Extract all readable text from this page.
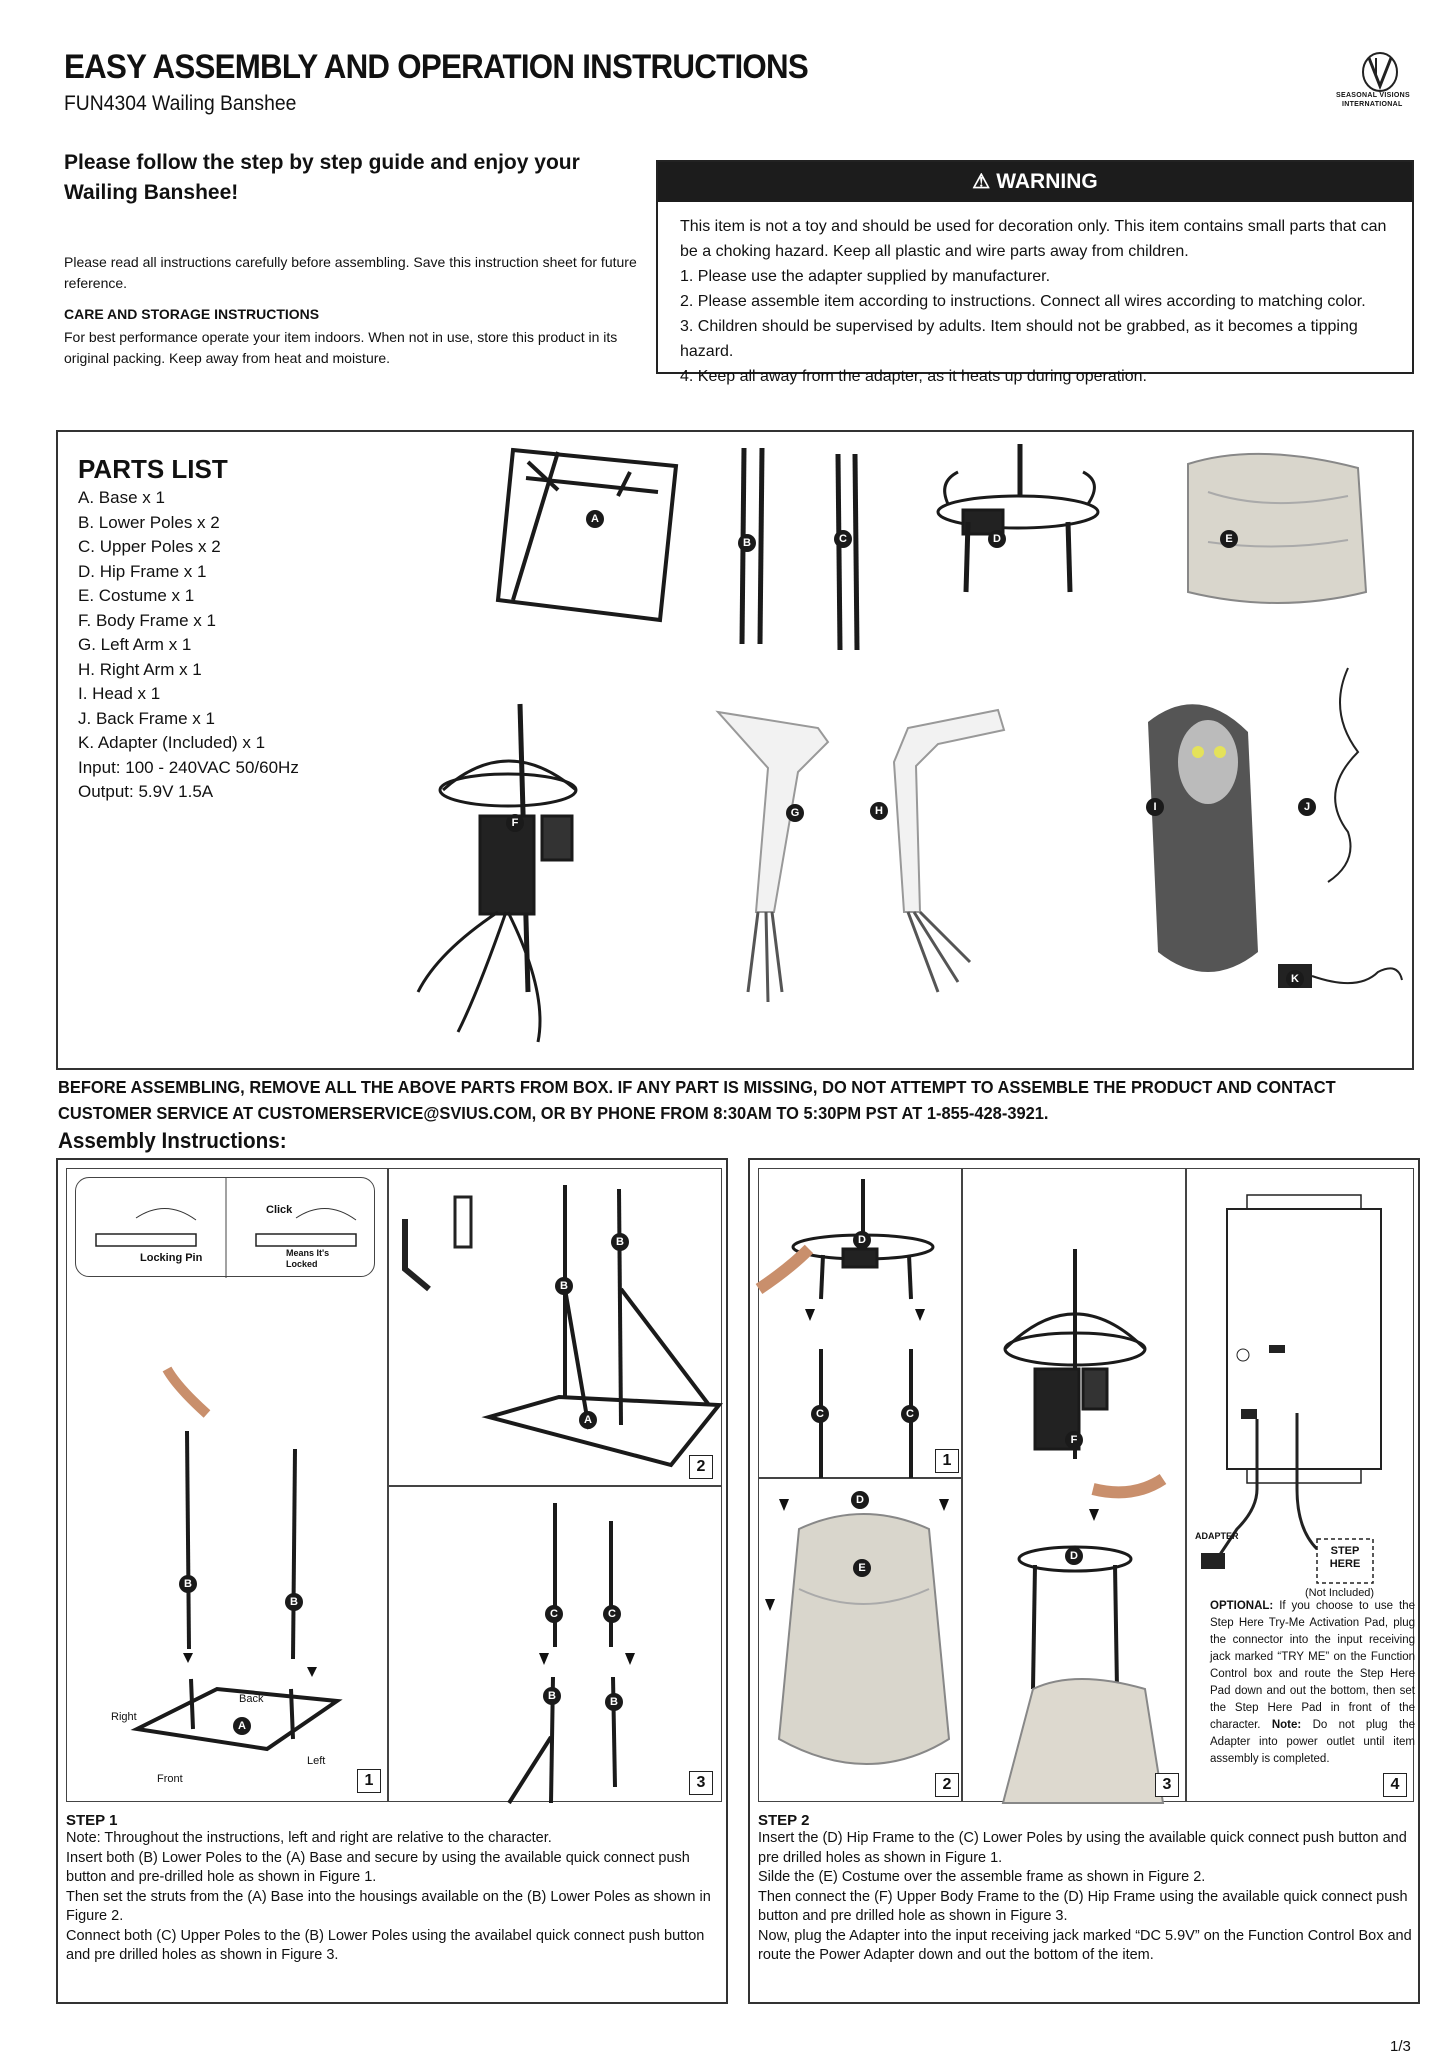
EASY ASSEMBLY AND OPERATION INSTRUCTIONS
FUN4304 Wailing Banshee	SEASONAL VISIONS
INTERNATIONAL
Please follow the step by step guide and enjoy your Wailing Banshee!
Please read all instructions carefully before assembling. Save this instruction sheet for future reference.
CARE AND STORAGE INSTRUCTIONS
For best performance operate your item indoors. When not in use, store this product in its original packing. Keep away from heat and moisture.
⚠ WARNING
This item is not a toy and should be used for decoration only. This item contains small parts that can
be a choking hazard. Keep all plastic and wire parts away from children.
1. Please use the adapter supplied by manufacturer.
2. Please assemble item according to instructions. Connect all wires according to matching color.
3. Children should be supervised by adults. Item should not be grabbed, as it becomes a tipping hazard.
4. Keep all away from the adapter, as it heats up during operation.
PARTS LIST
A. Base x 1
B. Lower Poles x 2
C. Upper Poles x 2
D. Hip Frame x 1
E. Costume x 1
F. Body Frame x 1
G. Left Arm x 1
H. Right Arm x 1
I. Head x 1
J. Back Frame x 1
K. Adapter (Included) x 1
Input: 100 - 240VAC 50/60Hz
Output: 5.9V 1.5A
A
B	C	D	E
F
G	H	I	J
K
BEFORE ASSEMBLING, REMOVE ALL THE ABOVE PARTS FROM BOX. IF ANY PART IS MISSING, DO NOT ATTEMPT TO ASSEMBLE THE PRODUCT AND CONTACT
CUSTOMER SERVICE AT CUSTOMERSERVICE@SVIUS.COM, OR BY PHONE FROM 8:30AM TO 5:30PM PST AT 1-855-428-3921.
Assembly Instructions:
Click
Locking Pin	Means It's Locked
B
B
A
Back
Right
Left
Front	1
B
B
A
2
C	C
B	B
3
STEP 1
Note: Throughout the instructions, left and right are relative to the character.
Insert both (B) Lower Poles to the (A) Base and secure by using the available quick connect push button and pre-drilled hole as shown in Figure 1.
Then set the struts from the (A) Base into the housings available on the (B) Lower Poles as shown in Figure 2.
Connect both (C) Upper Poles to the (B) Lower Poles using the availabel quick connect push button and pre drilled holes as shown in Figure 3.
D
C	C
1
D
E
2
F
D
3
ADAPTER
STEP HERE
(Not Included)
4
STEP 2
Insert the (D) Hip Frame to the (C) Lower Poles by using the available quick connect push button and pre drilled holes as shown in Figure 1.
Silde the (E) Costume over the assemble frame as shown in Figure 2.
Then connect the (F) Upper Body Frame to the (D) Hip Frame using the available quick connect push button and pre drilled hole as shown in Figure 3.
Now, plug the Adapter into the input receiving jack marked “DC 5.9V” on the Function Control Box and route the Power Adapter down and out the bottom of the item.
OPTIONAL: If you choose to use the Step Here Try-Me Activation Pad, plug the connector into the input receiving jack marked “TRY ME” on the Function Control box and route the Step Here Pad down and out the bottom, then set the Step Here Pad in front of the character. Note: Do not plug the Adapter into power outlet until item assembly is completed.
1/3
